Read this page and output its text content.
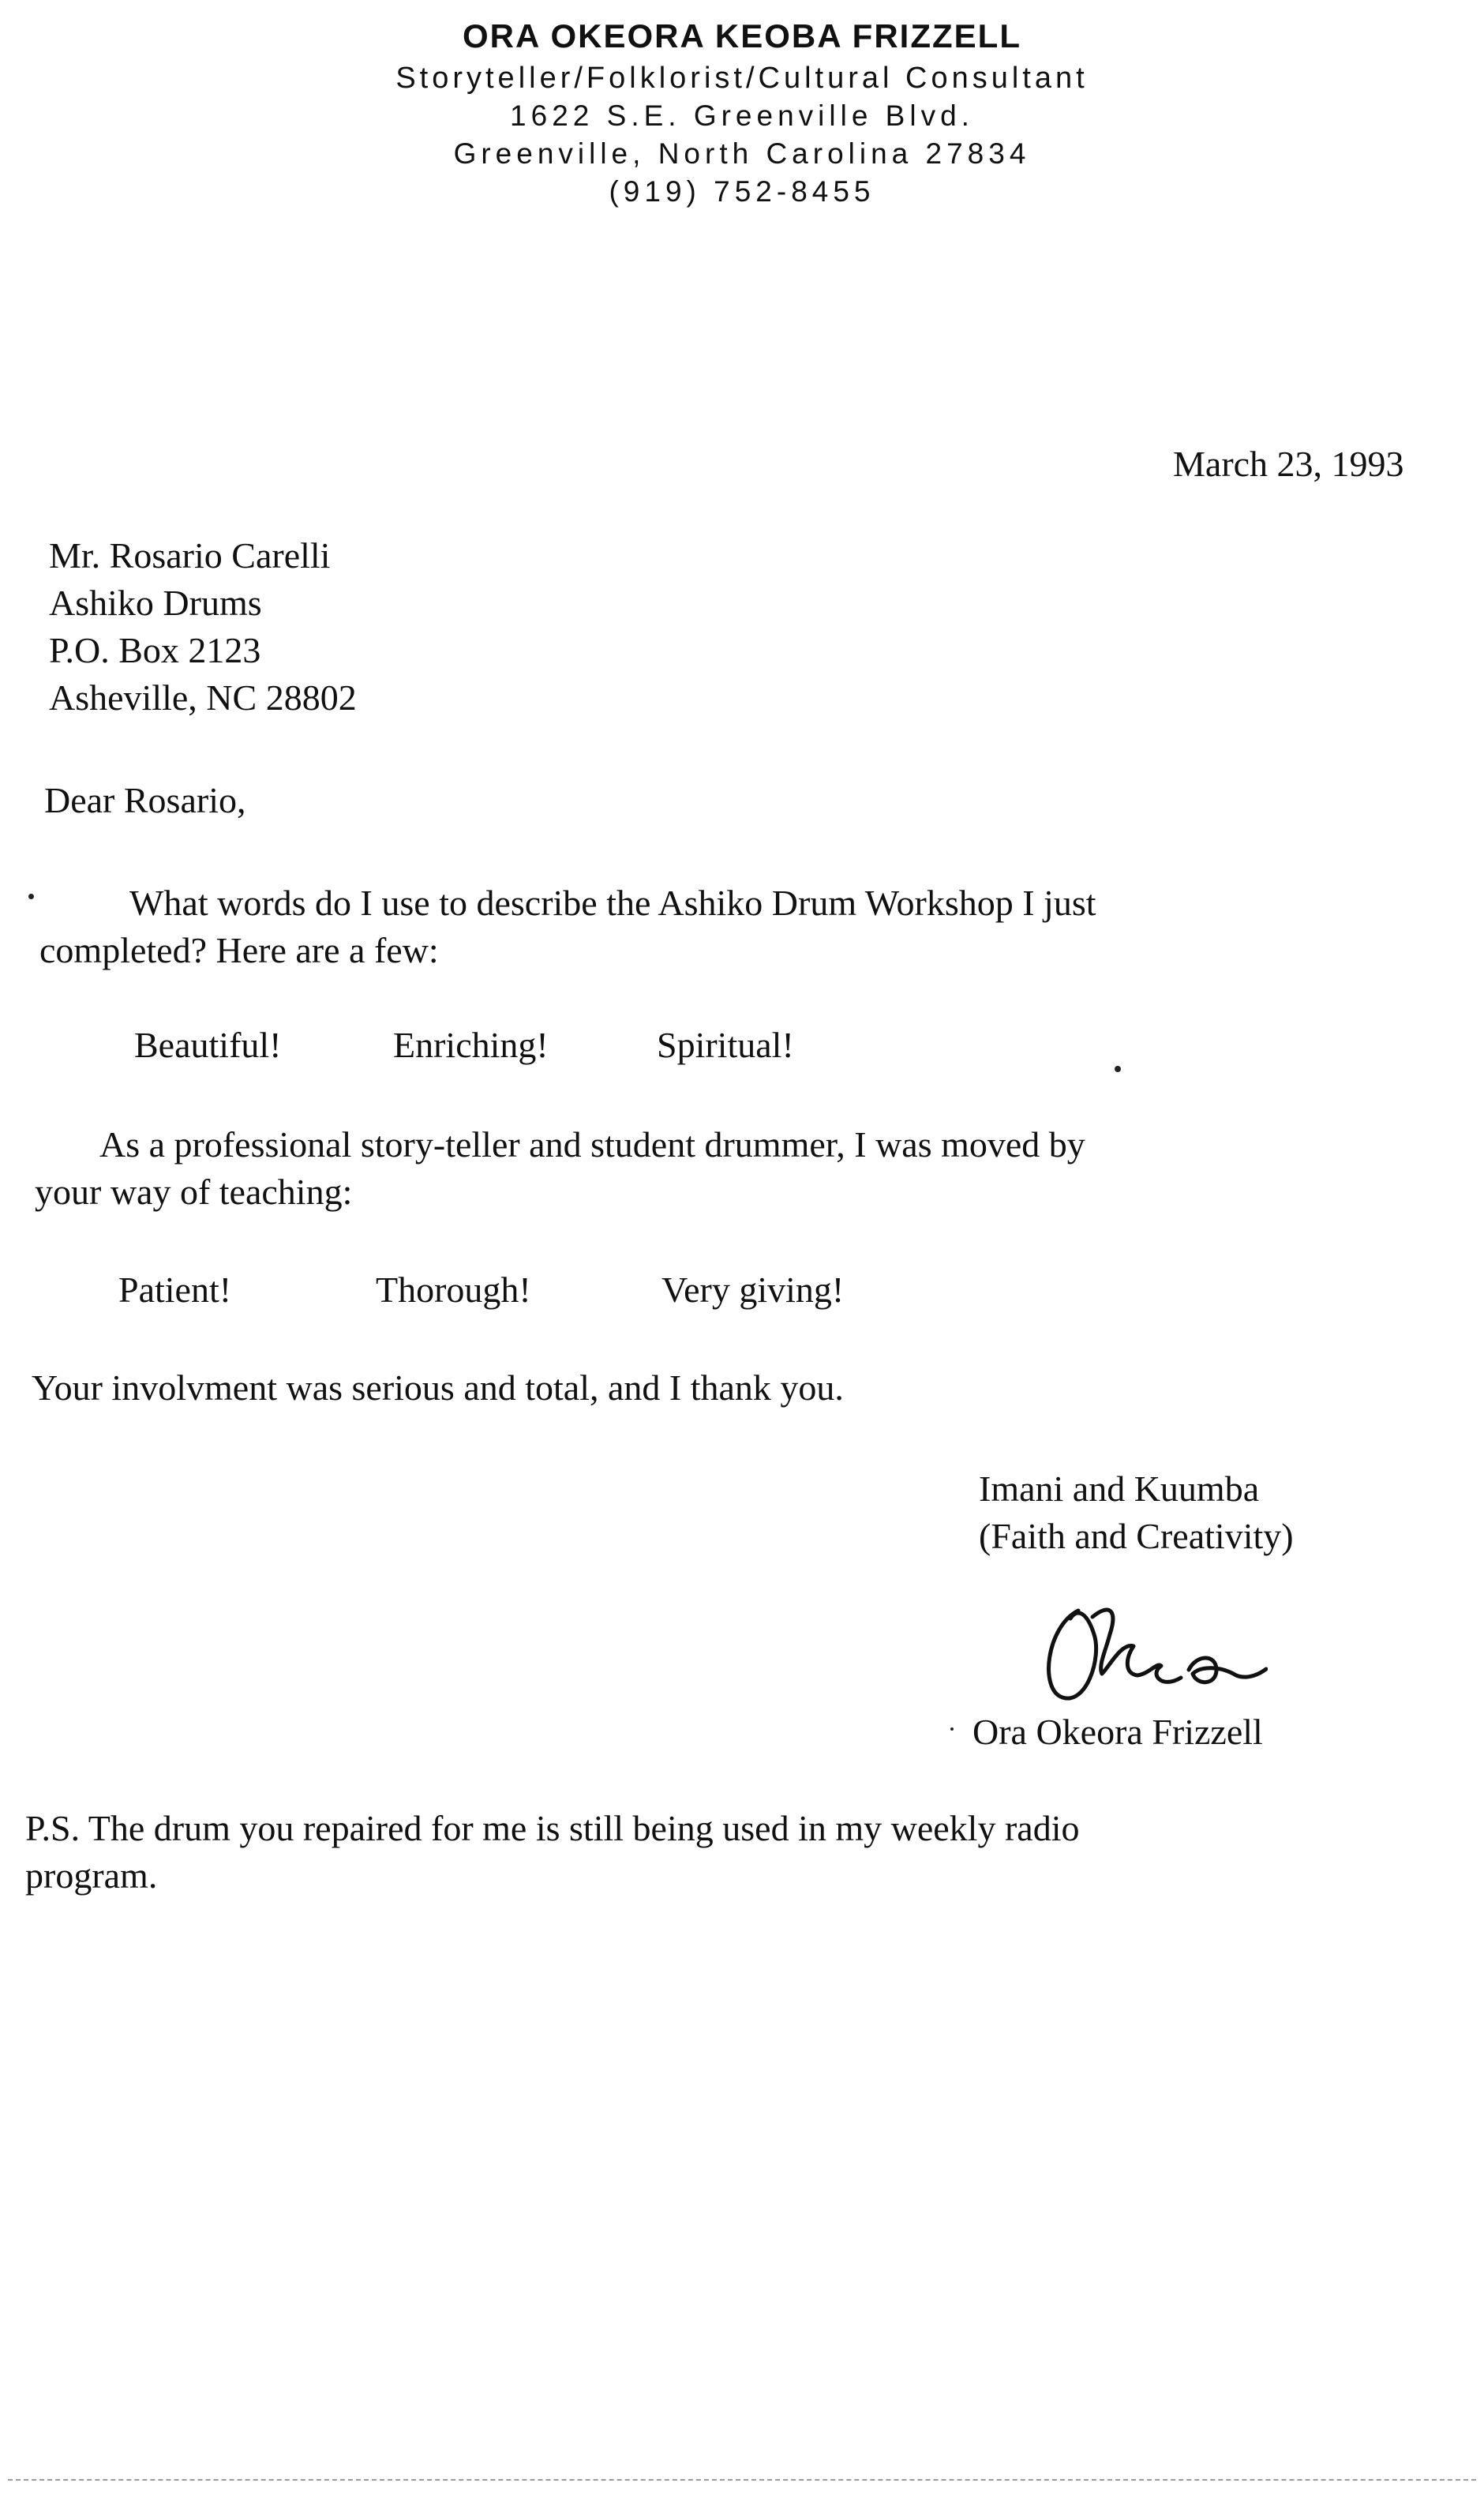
ORA OKEORA KEOBA FRIZZELL
Storyteller/Folklorist/Cultural Consultant
1622 S.E. Greenville Blvd.
Greenville, North Carolina 27834
(919) 752-8455
March 23, 1993
Mr. Rosario Carelli
Ashiko Drums
P.O. Box 2123
Asheville, NC 28802
Dear Rosario,
What words do I use to describe the Ashiko Drum Workshop I just
completed? Here are a few:
Beautiful!	Enriching!	Spiritual!
As a professional story-teller and student drummer, I was moved by
your way of teaching:
Patient!	Thorough!	Very giving!
Your involvment was serious and total, and I thank you.
Imani and Kuumba
(Faith and Creativity)
Ora Okeora Frizzell
P.S. The drum you repaired for me is still being used in my weekly radio
program.
